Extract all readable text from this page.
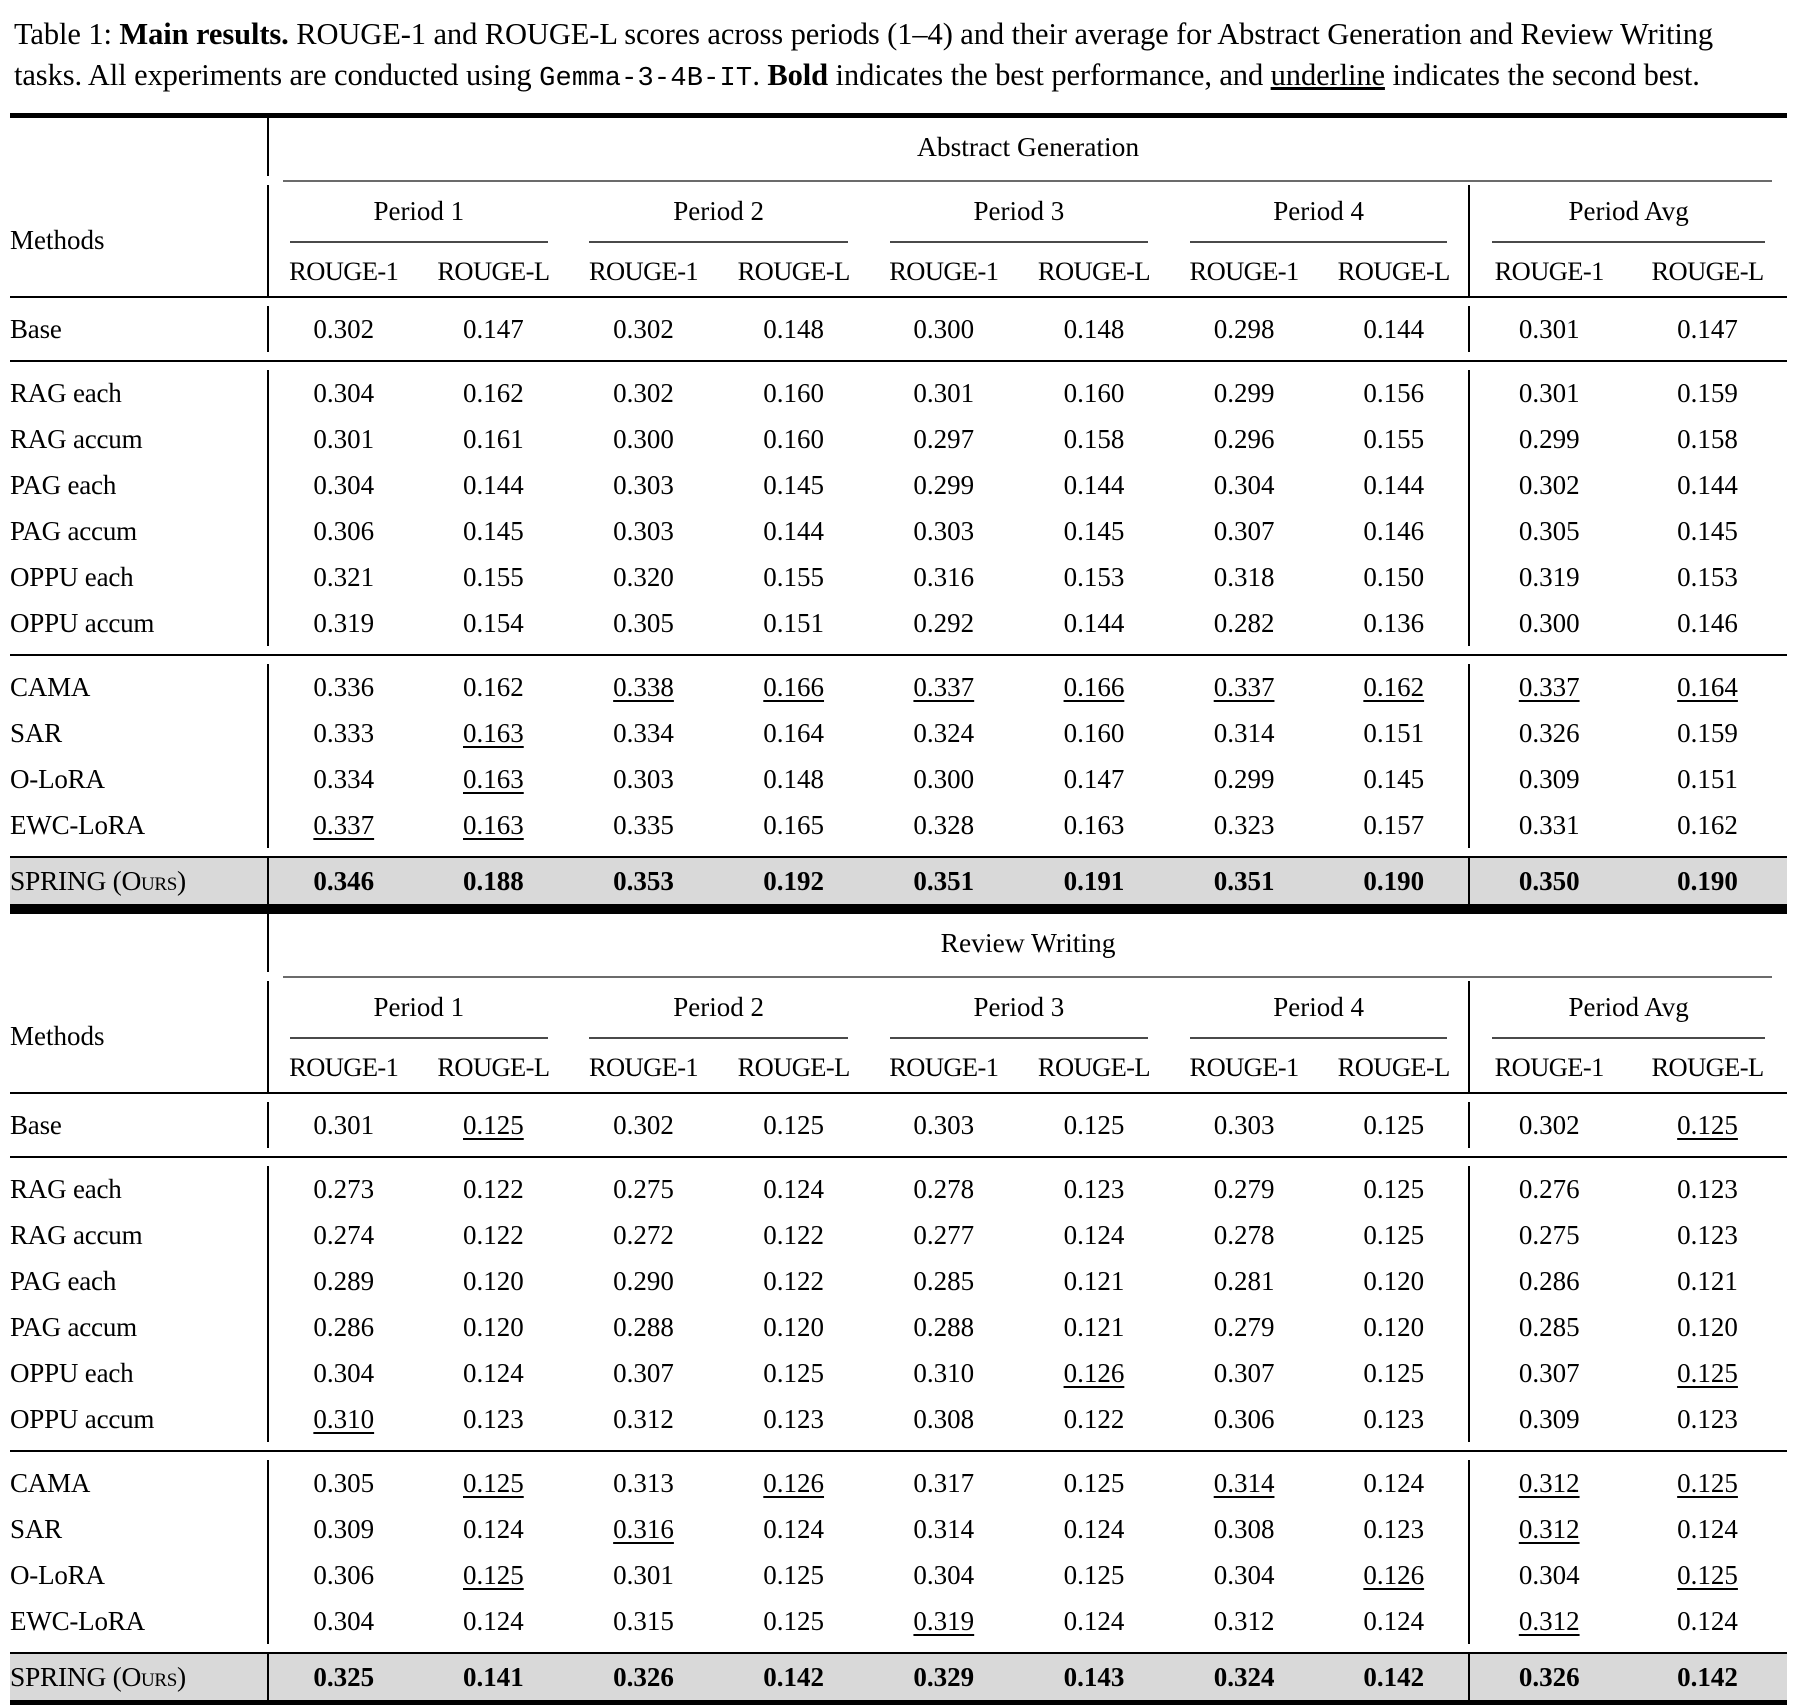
Table 1: Main results. ROUGE-1 and ROUGE-L scores across periods (1–4) and their average for Abstract Generation and Review Writing tasks. All experiments are conducted using Gemma-3-4B-IT. Bold indicates the best performance, and underline indicates the second best.

	Abstract Generation									

Methods	Period 1		Period 2		Period 3		Period 4		Period Avg	

	ROUGE-1	ROUGE-L	ROUGE-1	ROUGE-L	ROUGE-1	ROUGE-L	ROUGE-1	ROUGE-L	ROUGE-1	ROUGE-L

Base	0.302	0.147	0.302	0.148	0.300	0.148	0.298	0.144	0.301	0.147

RAG each	0.304	0.162	0.302	0.160	0.301	0.160	0.299	0.156	0.301	0.159
RAG accum	0.301	0.161	0.300	0.160	0.297	0.158	0.296	0.155	0.299	0.158
PAG each	0.304	0.144	0.303	0.145	0.299	0.144	0.304	0.144	0.302	0.144
PAG accum	0.306	0.145	0.303	0.144	0.303	0.145	0.307	0.146	0.305	0.145
OPPU each	0.321	0.155	0.320	0.155	0.316	0.153	0.318	0.150	0.319	0.153
OPPU accum	0.319	0.154	0.305	0.151	0.292	0.144	0.282	0.136	0.300	0.146

CAMA	0.336	0.162	0.338	0.166	0.337	0.166	0.337	0.162	0.337	0.164
SAR	0.333	0.163	0.334	0.164	0.324	0.160	0.314	0.151	0.326	0.159
O-LoRA	0.334	0.163	0.303	0.148	0.300	0.147	0.299	0.145	0.309	0.151
EWC-LoRA	0.337	0.163	0.335	0.165	0.328	0.163	0.323	0.157	0.331	0.162

SPRING (Ours)	0.346	0.188	0.353	0.192	0.351	0.191	0.351	0.190	0.350	0.190

	Review Writing									

Methods	Period 1		Period 2		Period 3		Period 4		Period Avg	

	ROUGE-1	ROUGE-L	ROUGE-1	ROUGE-L	ROUGE-1	ROUGE-L	ROUGE-1	ROUGE-L	ROUGE-1	ROUGE-L

Base	0.301	0.125	0.302	0.125	0.303	0.125	0.303	0.125	0.302	0.125

RAG each	0.273	0.122	0.275	0.124	0.278	0.123	0.279	0.125	0.276	0.123
RAG accum	0.274	0.122	0.272	0.122	0.277	0.124	0.278	0.125	0.275	0.123
PAG each	0.289	0.120	0.290	0.122	0.285	0.121	0.281	0.120	0.286	0.121
PAG accum	0.286	0.120	0.288	0.120	0.288	0.121	0.279	0.120	0.285	0.120
OPPU each	0.304	0.124	0.307	0.125	0.310	0.126	0.307	0.125	0.307	0.125
OPPU accum	0.310	0.123	0.312	0.123	0.308	0.122	0.306	0.123	0.309	0.123

CAMA	0.305	0.125	0.313	0.126	0.317	0.125	0.314	0.124	0.312	0.125
SAR	0.309	0.124	0.316	0.124	0.314	0.124	0.308	0.123	0.312	0.124
O-LoRA	0.306	0.125	0.301	0.125	0.304	0.125	0.304	0.126	0.304	0.125
EWC-LoRA	0.304	0.124	0.315	0.125	0.319	0.124	0.312	0.124	0.312	0.124

SPRING (Ours)	0.325	0.141	0.326	0.142	0.329	0.143	0.324	0.142	0.326	0.142
